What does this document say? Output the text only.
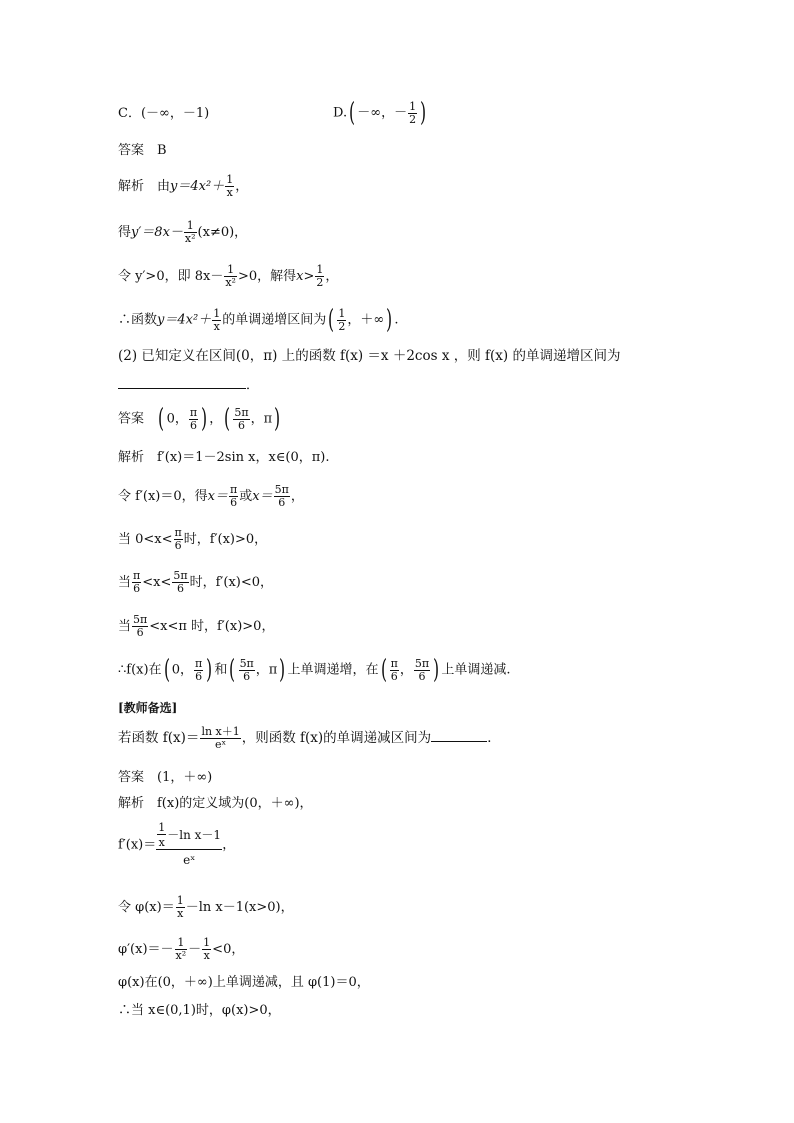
C．(－∞，－1)	D.( －∞，－ $\frac{1}{2}$ )
答案　B
解析　由$y=4x^2+ \frac{1}{x}$ ，
得$y'=8x- \frac{1}{\text{x²}} (x\ne 0)$，
令 y′>0，即 $8x- \frac{1}{\text{x²}} >0$，解得$x> \frac{1}{2}$ ，
∴函数$y=4x^2+ \frac{1}{x}$ 的单调递增区间为( $\frac{1}{2}$ ，＋∞) .
(2) 已知定义在区间(0，π) 上的函数 f(x) ＝x ＋2cos x ，则 f(x) 的单调递增区间为
．
答案 ( 0， $\frac{\pi}{6}$ ) ，( $\frac{5\pi}{6}$ ，π)
解析　f′(x)＝1－2sin x，x∈(0，π).
令 f′(x)＝0，得$x= \frac{\pi}{6}$ 或$x= \frac{5\pi}{6}$ ，
当 $0<x< \frac{\pi}{6}$ 时，f′(x)>0，
当 $\frac{\pi}{6} <x< \frac{5\pi}{6}$ 时，f′(x)<0，
当 $\frac{5\pi}{6} <x<\pi$ 时，f′(x)>0，
∴f(x)在( 0， $\frac{\pi}{6}$ ) 和( $\frac{5\pi}{6}$ ，π) 上单调递增，在( $\frac{\pi}{6}$ ， $\frac{5\pi}{6}$ ) 上单调递减.
[教师备选]
若函数 $f(x)= \frac{\text{ln x＋1}}{\text{eˣ}}$ ，则函数 f(x)的单调递减区间为	．
答案　(1，＋∞)
解析　f(x)的定义域为(0，＋∞)，
$f'(x)= \frac{\frac{1}{x} -\ln x-1}{\text{eˣ}}$ ，
令 $\varphi(x)= \frac{1}{x} -\ln$ x－1(x>0)，
$\varphi'(x)=- \frac{1}{\text{x²}} - \frac{1}{x} <0$，
φ(x)在(0，＋∞)上单调递减，且 φ(1)＝0，
∴当 x∈(0,1)时，φ(x)>0，
